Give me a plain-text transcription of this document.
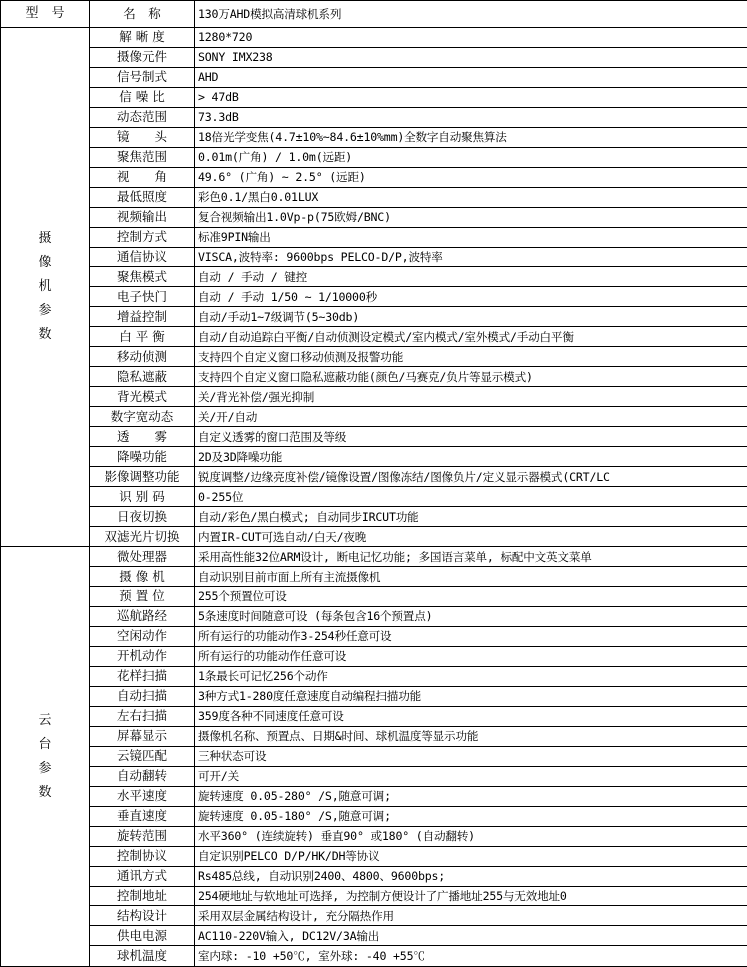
型　号	名　称	130万AHD模拟高清球机系列

摄
像
机
参
数	解 晰 度	1280*720
	摄像元件	SONY IMX238
	信号制式	AHD
	信 噪 比	> 47dB
	动态范围	73.3dB
	镜　　头	18倍光学变焦(4.7±10%~84.6±10%mm)全数字自动聚焦算法
	聚焦范围	0.01m(广角) / 1.0m(远距)
	视　　角	49.6° (广角) ~ 2.5° (远距)
	最低照度	彩色0.1/黑白0.01LUX
	视频输出	复合视频输出1.0Vp-p(75欧姆/BNC)
	控制方式	标准9PIN输出
	通信协议	VISCA,波特率: 9600bps PELCO-D/P,波特率
	聚焦模式	自动 / 手动 / 键控
	电子快门	自动 / 手动 1/50 ~ 1/10000秒
	增益控制	自动/手动1~7级调节(5~30db)
	白 平 衡	自动/自动追踪白平衡/自动侦测设定模式/室内模式/室外模式/手动白平衡
	移动侦测	支持四个自定义窗口移动侦测及报警功能
	隐私遮蔽	支持四个自定义窗口隐私遮蔽功能(颜色/马赛克/负片等显示模式)
	背光模式	关/背光补偿/强光抑制
	数字宽动态	关/开/自动
	透　　雾	自定义透雾的窗口范围及等级
	降噪功能	2D及3D降噪功能
	影像调整功能	锐度调整/边缘亮度补偿/镜像设置/图像冻结/图像负片/定义显示器模式(CRT/LC
	识 别 码	0-255位
	日夜切换	自动/彩色/黑白模式; 自动同步IRCUT功能
	双滤光片切换	内置IR-CUT可选自动/白天/夜晚

云
台
参
数	微处理器	采用高性能32位ARM设计, 断电记忆功能; 多国语言菜单, 标配中文英文菜单
	摄 像 机	自动识别目前市面上所有主流摄像机
	预 置 位	255个预置位可设
	巡航路经	5条速度时间随意可设 (每条包含16个预置点)
	空闲动作	所有运行的功能动作3-254秒任意可设
	开机动作	所有运行的功能动作任意可设
	花样扫描	1条最长可记忆256个动作
	自动扫描	3种方式1-280度任意速度自动编程扫描功能
	左右扫描	359度各种不同速度任意可设
	屏幕显示	摄像机名称、预置点、日期&时间、球机温度等显示功能
	云镜匹配	三种状态可设
	自动翻转	可开/关
	水平速度	旋转速度 0.05-280° /S,随意可调;
	垂直速度	旋转速度 0.05-180° /S,随意可调;
	旋转范围	水平360° (连续旋转) 垂直90° 或180° (自动翻转)
	控制协议	自定识别PELCO D/P/HK/DH等协议
	通讯方式	Rs485总线, 自动识别2400、4800、9600bps;
	控制地址	254硬地址与软地址可选择, 为控制方便设计了广播地址255与无效地址0
	结构设计	采用双层金属结构设计, 充分隔热作用
	供电电源	AC110-220V输入, DC12V/3A输出
	球机温度	室内球: -10 +50℃, 室外球: -40 +55℃
